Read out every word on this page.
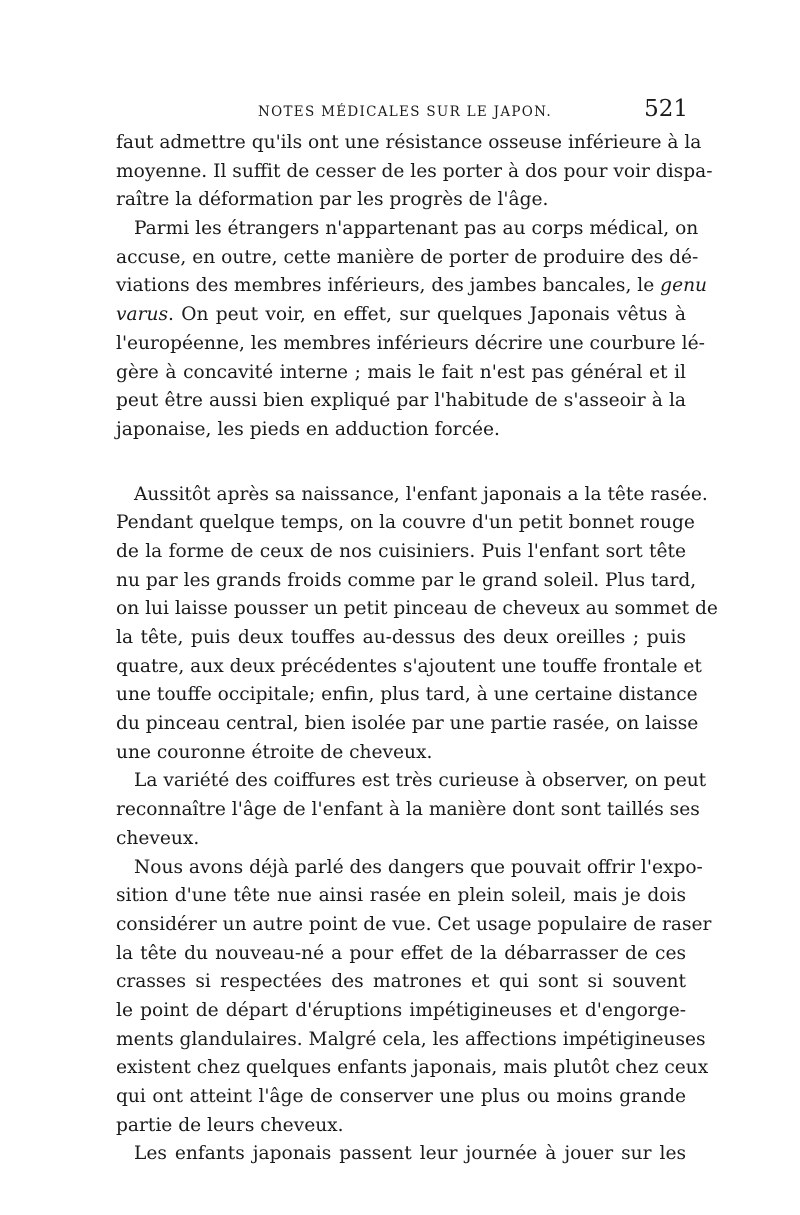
NOTES MÉDICALES SUR LE JAPON.	521
faut admettre qu'ils ont une résistance osseuse inférieure à la
moyenne. Il suffit de cesser de les porter à dos pour voir dispa-
raître la déformation par les progrès de l'âge.
Parmi les étrangers n'appartenant pas au corps médical, on
accuse, en outre, cette manière de porter de produire des dé-
viations des membres inférieurs, des jambes bancales, le genu
varus. On peut voir, en effet, sur quelques Japonais vêtus à
l'européenne, les membres inférieurs décrire une courbure lé-
gère à concavité interne ; mais le fait n'est pas général et il
peut être aussi bien expliqué par l'habitude de s'asseoir à la
japonaise, les pieds en adduction forcée.
Aussitôt après sa naissance, l'enfant japonais a la tête rasée.
Pendant quelque temps, on la couvre d'un petit bonnet rouge
de la forme de ceux de nos cuisiniers. Puis l'enfant sort tête
nu par les grands froids comme par le grand soleil. Plus tard,
on lui laisse pousser un petit pinceau de cheveux au sommet de
la tête, puis deux touffes au-dessus des deux oreilles ; puis
quatre, aux deux précédentes s'ajoutent une touffe frontale et
une touffe occipitale; enfin, plus tard, à une certaine distance
du pinceau central, bien isolée par une partie rasée, on laisse
une couronne étroite de cheveux.
La variété des coiffures est très curieuse à observer, on peut
reconnaître l'âge de l'enfant à la manière dont sont taillés ses
cheveux.
Nous avons déjà parlé des dangers que pouvait offrir l'expo-
sition d'une tête nue ainsi rasée en plein soleil, mais je dois
considérer un autre point de vue. Cet usage populaire de raser
la tête du nouveau-né a pour effet de la débarrasser de ces
crasses si respectées des matrones et qui sont si souvent
le point de départ d'éruptions impétigineuses et d'engorge-
ments glandulaires. Malgré cela, les affections impétigineuses
existent chez quelques enfants japonais, mais plutôt chez ceux
qui ont atteint l'âge de conserver une plus ou moins grande
partie de leurs cheveux.
Les enfants japonais passent leur journée à jouer sur les
